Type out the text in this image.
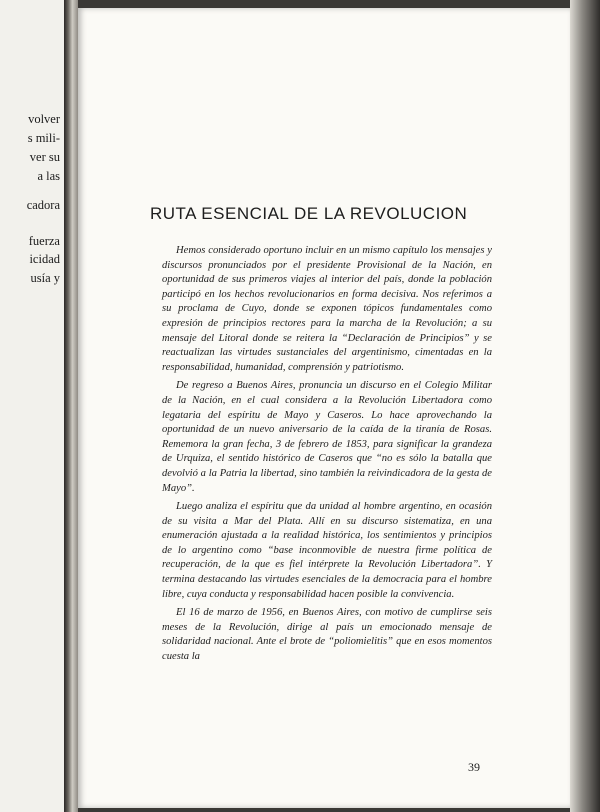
volver
s mili-
ver su
a las
cadora
fuerza
icidad
usía y
RUTA ESENCIAL DE LA REVOLUCION

Hemos considerado oportuno incluir en un mismo capítulo los mensajes y discursos pronunciados por el presidente Provisional de la Nación, en oportunidad de sus primeros viajes al interior del país, donde la población participó en los hechos revolucionarios en forma decisiva. Nos referimos a su proclama de Cuyo, donde se exponen tópicos fundamentales como expresión de principios rectores para la marcha de la Revolución; a su mensaje del Litoral donde se reitera la “Declaración de Principios” y se reactualizan las virtudes sustanciales del argentinismo, cimentadas en la responsabilidad, humanidad, comprensión y patriotismo.

De regreso a Buenos Aires, pronuncia un discurso en el Colegio Militar de la Nación, en el cual considera a la Revolución Libertadora como legataria del espíritu de Mayo y Caseros. Lo hace aprovechando la oportunidad de un nuevo aniversario de la caída de la tiranía de Rosas. Rememora la gran fecha, 3 de febrero de 1853, para significar la grandeza de Urquiza, el sentido histórico de Caseros que “no es sólo la batalla que devolvió a la Patria la libertad, sino también la reivindicadora de la gesta de Mayo”.

Luego analiza el espíritu que da unidad al hombre argentino, en ocasión de su visita a Mar del Plata. Allí en su discurso sistematiza, en una enumeración ajustada a la realidad histórica, los sentimientos y principios de lo argentino como “base inconmovible de nuestra firme política de recuperación, de la que es fiel intérprete la Revolución Libertadora”. Y termina destacando las virtudes esenciales de la democracia para el hombre libre, cuya conducta y responsabilidad hacen posible la convivencia.

El 16 de marzo de 1956, en Buenos Aires, con motivo de cumplirse seis meses de la Revolución, dirige al país un emocionado mensaje de solidaridad nacional. Ante el brote de “poliomielitis” que en esos momentos cuesta la

39
